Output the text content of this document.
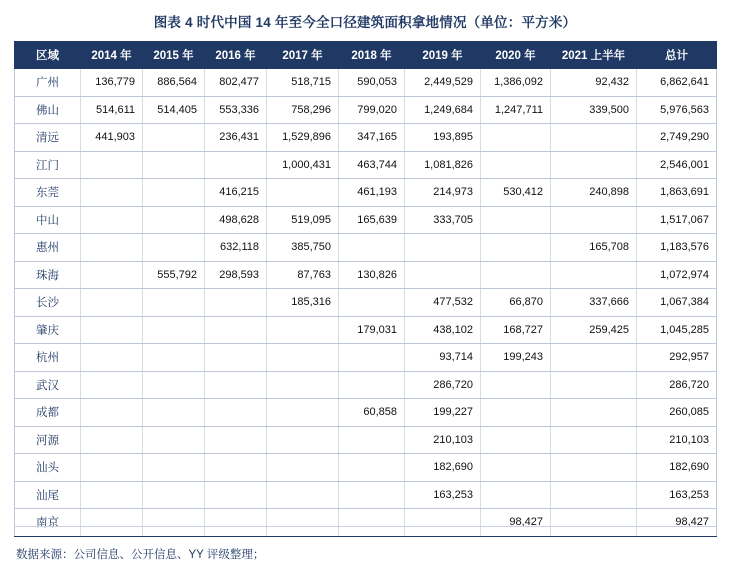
图表 4 时代中国 14 年至今全口径建筑面积拿地情况（单位：平方米）
区域	2014 年	2015 年	2016 年	2017 年	2018 年	2019 年	2020 年	2021 上半年	总计
广州	136,779	886,564	802,477	518,715	590,053	2,449,529	1,386,092	92,432	6,862,641
佛山	514,611	514,405	553,336	758,296	799,020	1,249,684	1,247,711	339,500	5,976,563
清远	441,903		236,431	1,529,896	347,165	193,895			2,749,290
江门				1,000,431	463,744	1,081,826			2,546,001
东莞			416,215		461,193	214,973	530,412	240,898	1,863,691
中山			498,628	519,095	165,639	333,705			1,517,067
惠州			632,118	385,750				165,708	1,183,576
珠海		555,792	298,593	87,763	130,826				1,072,974
长沙				185,316		477,532	66,870	337,666	1,067,384
肇庆					179,031	438,102	168,727	259,425	1,045,285
杭州						93,714	199,243		292,957
武汉						286,720			286,720
成都					60,858	199,227			260,085
河源						210,103			210,103
汕头						182,690			182,690
汕尾						163,253			163,253
南京							98,427		98,427
数据来源：公司信息、公开信息、YY 评级整理；
